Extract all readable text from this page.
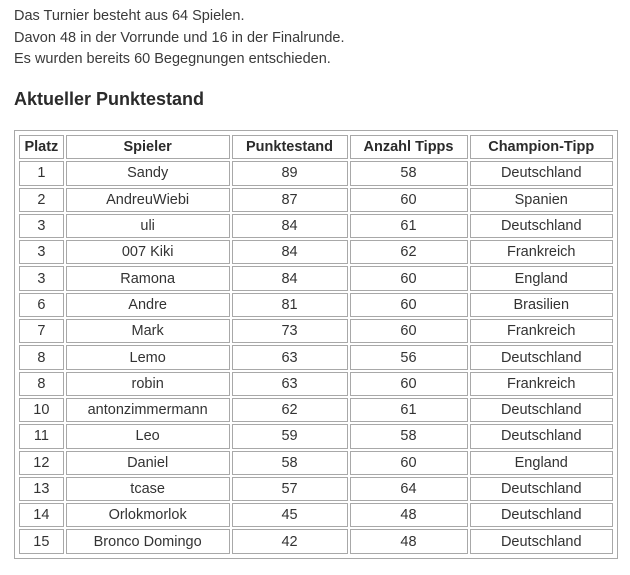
Das Turnier besteht aus 64 Spielen.
Davon 48 in der Vorrunde und 16 in der Finalrunde.
Es wurden bereits 60 Begegnungen entschieden.
Aktueller Punktestand
Platz	Spieler	Punktestand	Anzahl Tipps	Champion-Tipp
1	Sandy	89	58	Deutschland
2	AndreuWiebi	87	60	Spanien
3	uli	84	61	Deutschland
3	007 Kiki	84	62	Frankreich
3	Ramona	84	60	England
6	Andre	81	60	Brasilien
7	Mark	73	60	Frankreich
8	Lemo	63	56	Deutschland
8	robin	63	60	Frankreich
10	antonzimmermann	62	61	Deutschland
11	Leo	59	58	Deutschland
12	Daniel	58	60	England
13	tcase	57	64	Deutschland
14	Orlokmorlok	45	48	Deutschland
15	Bronco Domingo	42	48	Deutschland
